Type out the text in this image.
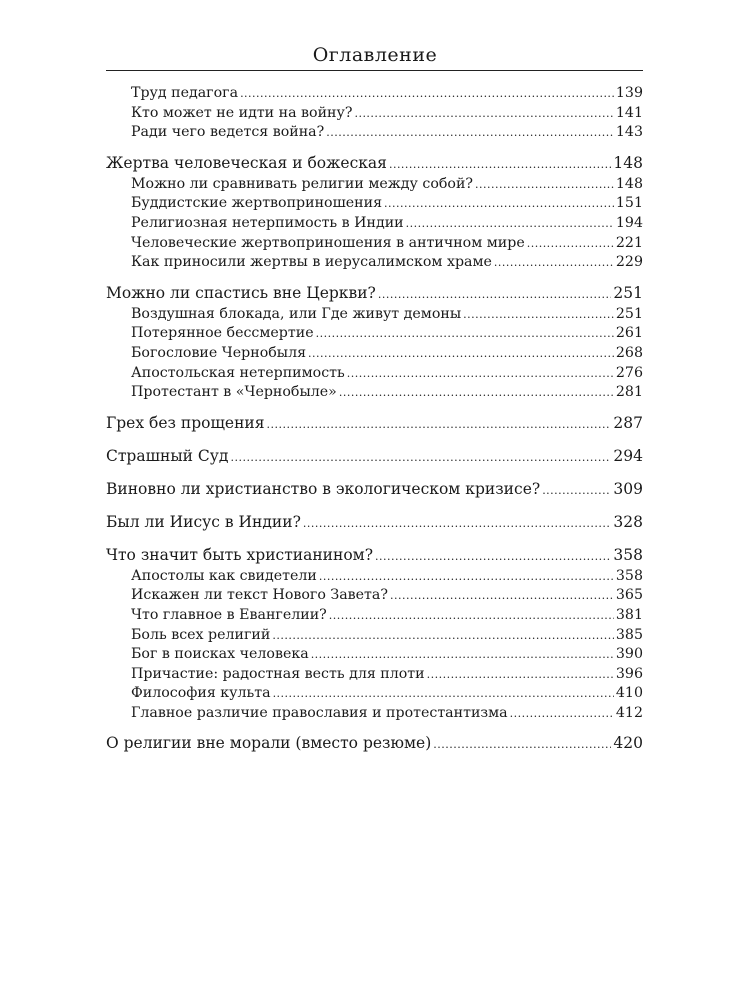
Оглавление
Труд педагога . . .	139
Кто может не идти на войну? . . .	141
Ради чего ведется война? . . .	143
Жертва человеческая и божеская . . .	148
Можно ли сравнивать религии между собой? . . .	148
Буддистские жертвоприношения . . .	151
Религиозная нетерпимость в Индии . . .	194
Человеческие жертвоприношения в античном мире . . .	221
Как приносили жертвы в иерусалимском храме . . .	229
Можно ли спастись вне Церкви? . . .	251
Воздушная блокада, или Где живут демоны . . .	251
Потерянное бессмертие . . .	261
Богословие Чернобыля . . .	268
Апостольская нетерпимость . . .	276
Протестант в «Чернобыле» . . .	281
Грех без прощения . . .	287
Страшный Суд . . .	294
Виновно ли христианство в экологическом кризисе? . . .	309
Был ли Иисус в Индии? . . .	328
Что значит быть христианином? . . .	358
Апостолы как свидетели . . .	358
Искажен ли текст Нового Завета? . . .	365
Что главное в Евангелии? . . .	381
Боль всех религий . . .	385
Бог в поисках человека . . .	390
Причастие: радостная весть для плоти . . .	396
Философия культа . . .	410
Главное различие православия и протестантизма . . .	412
О религии вне морали (вместо резюме) . . .	420
